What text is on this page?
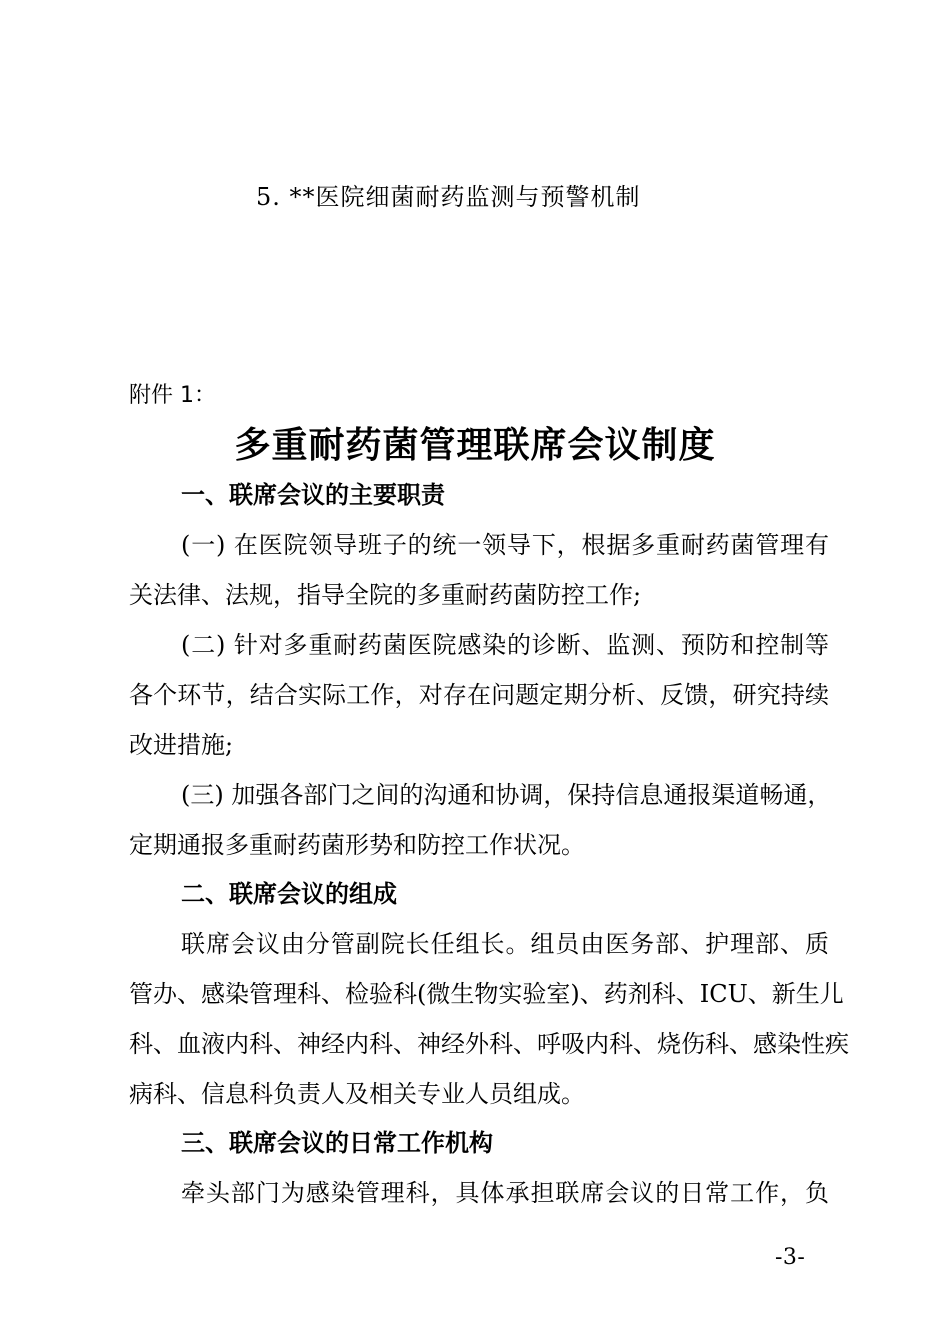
5. **医院细菌耐药监测与预警机制
附件 1：
多重耐药菌管理联席会议制度
一、联席会议的主要职责
(一) 在医院领导班子的统一领导下，根据多重耐药菌管理有
关法律、法规，指导全院的多重耐药菌防控工作;
(二) 针对多重耐药菌医院感染的诊断、监测、预防和控制等
各个环节，结合实际工作，对存在问题定期分析、反馈，研究持续
改进措施;
(三) 加强各部门之间的沟通和协调，保持信息通报渠道畅通，
定期通报多重耐药菌形势和防控工作状况。
二、联席会议的组成
联席会议由分管副院长任组长。组员由医务部、护理部、质
管办、感染管理科、检验科(微生物实验室)、药剂科、ICU、新生儿
科、血液内科、神经内科、神经外科、呼吸内科、烧伤科、感染性疾
病科、信息科负责人及相关专业人员组成。
三、联席会议的日常工作机构
牵头部门为感染管理科，具体承担联席会议的日常工作，负
-3-
